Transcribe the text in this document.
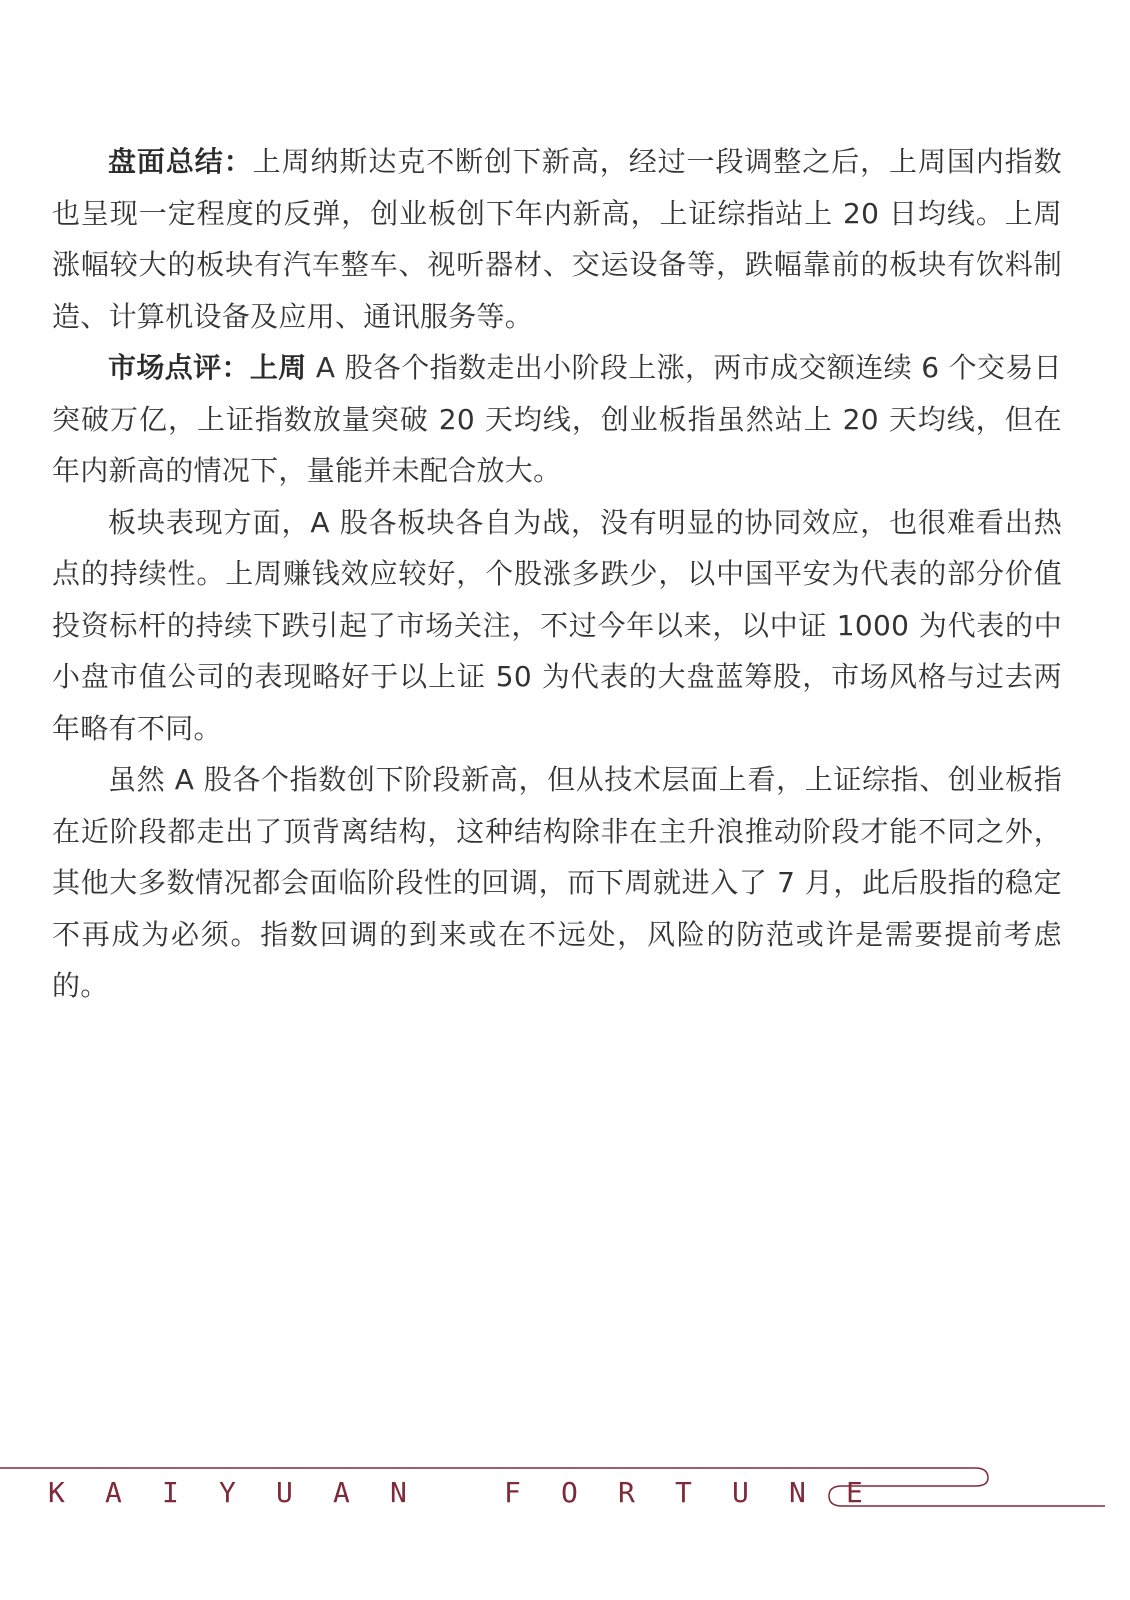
盘面总结：上周纳斯达克不断创下新高，经过一段调整之后，上周国内指数也呈现一定程度的反弹，创业板创下年内新高，上证综指站上 20 日均线。上周涨幅较大的板块有汽车整车、视听器材、交运设备等，跌幅靠前的板块有饮料制造、计算机设备及应用、通讯服务等。

市场点评：上周 A 股各个指数走出小阶段上涨，两市成交额连续 6 个交易日突破万亿，上证指数放量突破 20 天均线，创业板指虽然站上 20 天均线，但在年内新高的情况下，量能并未配合放大。

板块表现方面，A 股各板块各自为战，没有明显的协同效应，也很难看出热点的持续性。上周赚钱效应较好，个股涨多跌少，以中国平安为代表的部分价值投资标杆的持续下跌引起了市场关注，不过今年以来，以中证 1000 为代表的中小盘市值公司的表现略好于以上证 50 为代表的大盘蓝筹股，市场风格与过去两年略有不同。

虽然 A 股各个指数创下阶段新高，但从技术层面上看，上证综指、创业板指在近阶段都走出了顶背离结构，这种结构除非在主升浪推动阶段才能不同之外，其他大多数情况都会面临阶段性的回调，而下周就进入了 7 月，此后股指的稳定不再成为必须。指数回调的到来或在不远处，风险的防范或许是需要提前考虑的。

K A I Y U A N	F O R T U N E
